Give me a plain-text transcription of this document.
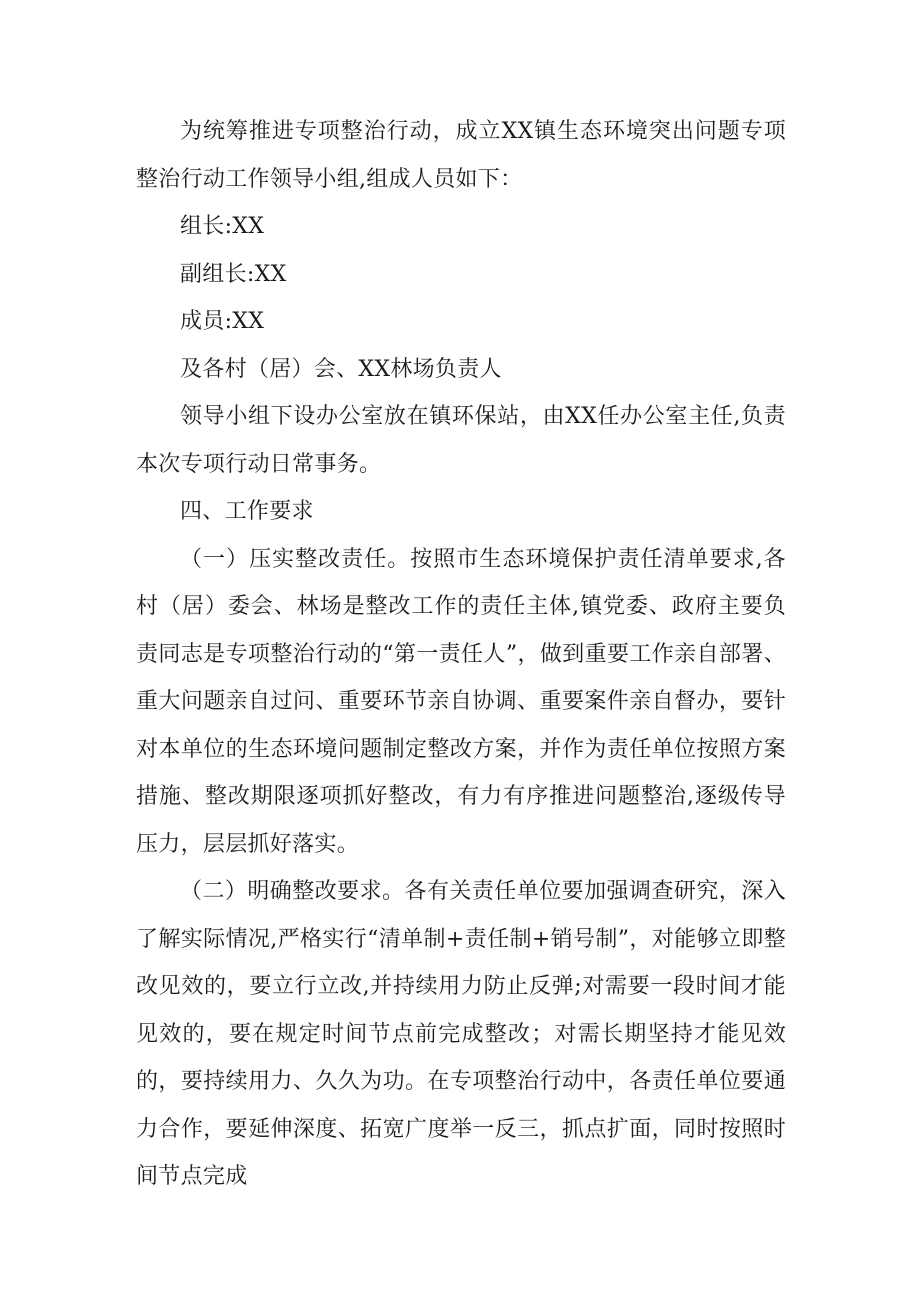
为统筹推进专项整治行动，成立XX镇生态环境突出问题专项整治行动工作领导小组,组成人员如下：

组长:XX

副组长:XX

成员:XX

及各村（居）会、XX林场负责人

领导小组下设办公室放在镇环保站，由XX任办公室主任,负责本次专项行动日常事务。

四、工作要求

（一）压实整改责任。按照市生态环境保护责任清单要求,各村（居）委会、林场是整改工作的责任主体,镇党委、政府主要负责同志是专项整治行动的“第一责任人”，做到重要工作亲自部署、重大问题亲自过问、重要环节亲自协调、重要案件亲自督办，要针对本单位的生态环境问题制定整改方案，并作为责任单位按照方案措施、整改期限逐项抓好整改，有力有序推进问题整治,逐级传导压力，层层抓好落实。

（二）明确整改要求。各有关责任单位要加强调查研究，深入了解实际情况,严格实行“清单制+责任制+销号制”，对能够立即整改见效的，要立行立改,并持续用力防止反弹;对需要一段时间才能见效的，要在规定时间节点前完成整改；对需长期坚持才能见效的，要持续用力、久久为功。在专项整治行动中，各责任单位要通力合作，要延伸深度、拓宽广度举一反三，抓点扩面，同时按照时间节点完成
